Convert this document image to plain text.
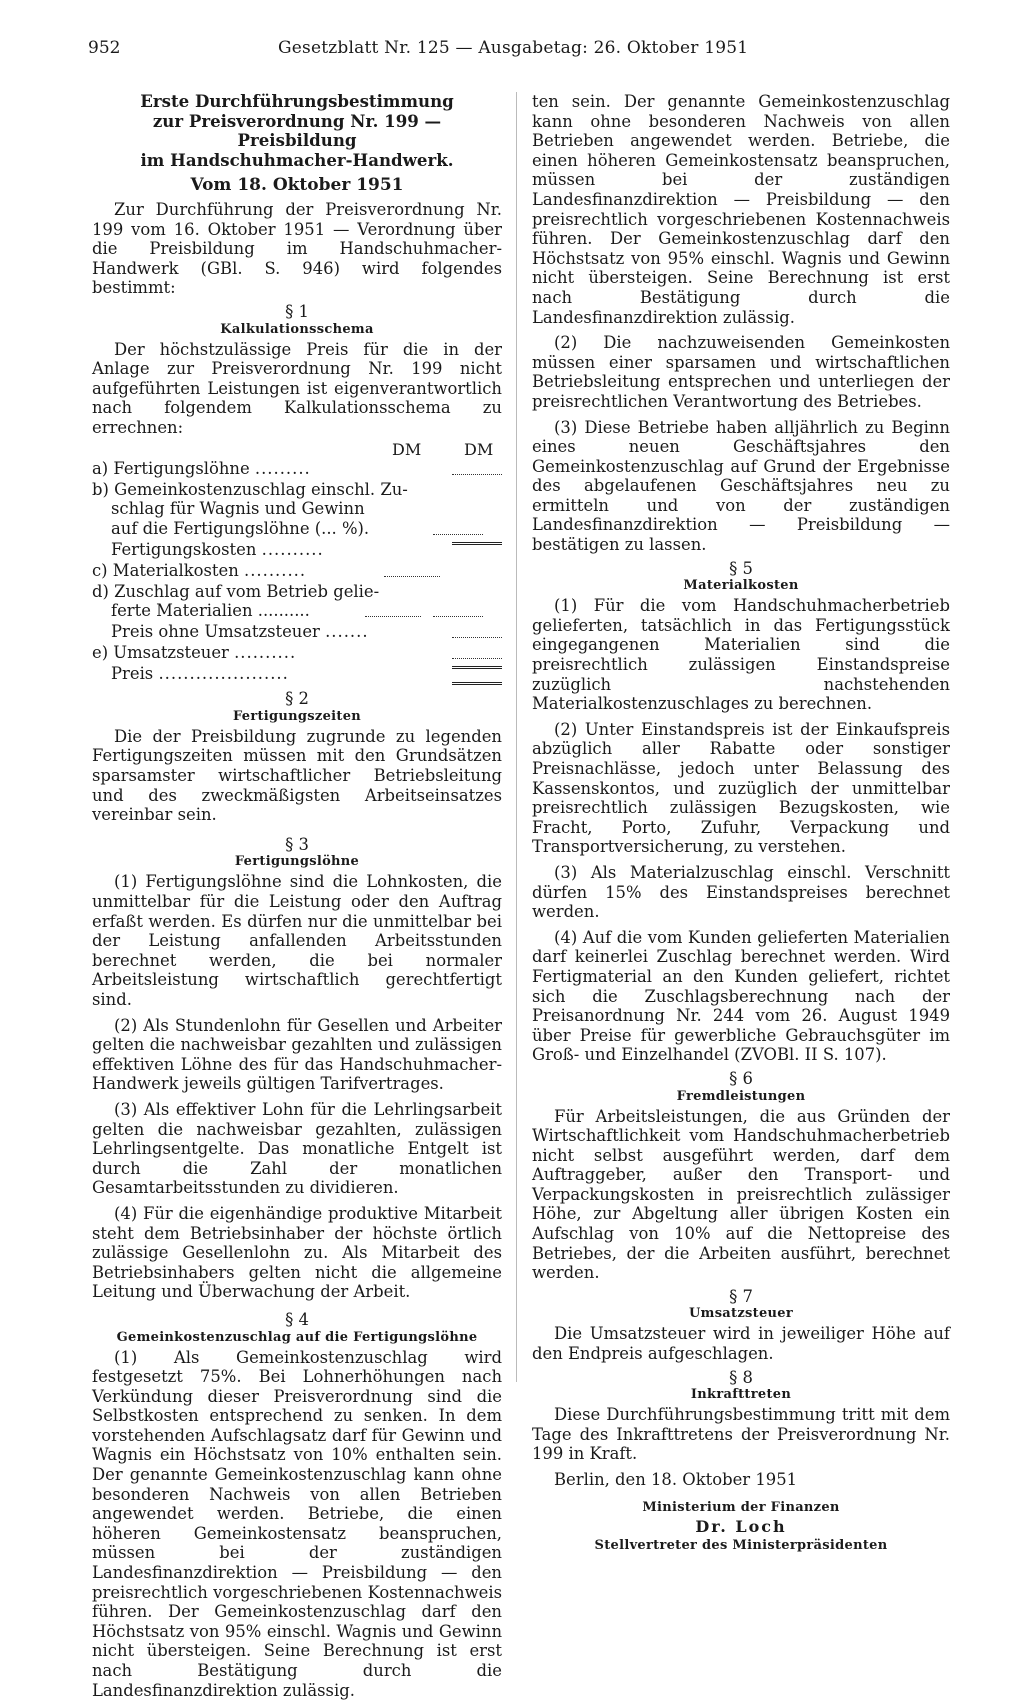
952	Gesetzblatt Nr. 125 — Ausgabetag: 26. Oktober 1951
Erste Durchführungsbestimmung
zur Preisverordnung Nr. 199 — Preisbildung
im Handschuhmacher-Handwerk.
Vom 18. Oktober 1951

Zur Durchführung der Preisverordnung Nr. 199 vom 16. Oktober 1951 — Verordnung über die Preisbildung im Handschuhmacher-Handwerk (GBl. S. 946) wird folgendes bestimmt:

§ 1
Kalkulationsschema

Der höchstzulässige Preis für die in der Anlage zur Preisverordnung Nr. 199 nicht aufgeführten Leistungen ist eigenverantwortlich nach folgendem Kalkulationsschema zu errechnen:

DM	DM
a) Fertigungslöhne .........
b) Gemeinkostenzuschlag einschl. Zu-
schlag für Wagnis und Gewinn
auf die Fertigungslöhne (... %).
Fertigungskosten ..........
c) Materialkosten ..........
d) Zuschlag auf vom Betrieb gelie-
ferte Materialien ..........
Preis ohne Umsatzsteuer .......
e) Umsatzsteuer ..........
Preis .....................
§ 2
Fertigungszeiten

Die der Preisbildung zugrunde zu legenden Fertigungszeiten müssen mit den Grundsätzen sparsamster wirtschaftlicher Betriebsleitung und des zweckmäßigsten Arbeitseinsatzes vereinbar sein.

§ 3
Fertigungslöhne

(1) Fertigungslöhne sind die Lohnkosten, die unmittelbar für die Leistung oder den Auftrag erfaßt werden. Es dürfen nur die unmittelbar bei der Leistung anfallenden Arbeitsstunden berechnet werden, die bei normaler Arbeitsleistung wirtschaftlich gerechtfertigt sind.

(2) Als Stundenlohn für Gesellen und Arbeiter gelten die nachweisbar gezahlten und zulässigen effektiven Löhne des für das Handschuhmacher-Handwerk jeweils gültigen Tarifvertrages.

(3) Als effektiver Lohn für die Lehrlingsarbeit gelten die nachweisbar gezahlten, zulässigen Lehrlingsentgelte. Das monatliche Entgelt ist durch die Zahl der monatlichen Gesamtarbeitsstunden zu dividieren.

(4) Für die eigenhändige produktive Mitarbeit steht dem Betriebsinhaber der höchste örtlich zulässige Gesellenlohn zu. Als Mitarbeit des Betriebsinhabers gelten nicht die allgemeine Leitung und Überwachung der Arbeit.

§ 4
Gemeinkostenzuschlag auf die Fertigungslöhne

(1) Als Gemeinkostenzuschlag wird festgesetzt 75%. Bei Lohnerhöhungen nach Verkündung dieser Preisverordnung sind die Selbstkosten entsprechend zu senken. In dem vorstehenden Aufschlagsatz darf für Gewinn und Wagnis ein Höchstsatz von 10% enthalten sein. Der genannte Gemeinkostenzuschlag kann ohne besonderen Nachweis von allen Betrieben angewendet werden. Betriebe, die einen höheren Gemeinkostensatz beanspruchen, müssen bei der zuständigen Landesfinanzdirektion — Preisbildung — den preisrechtlich vorgeschriebenen Kostennachweis führen. Der Gemeinkostenzuschlag darf den Höchstsatz von 95% einschl. Wagnis und Gewinn nicht übersteigen. Seine Berechnung ist erst nach Bestätigung durch die Landesfinanzdirektion zulässig.

ten sein. Der genannte Gemeinkostenzuschlag kann ohne besonderen Nachweis von allen Betrieben angewendet werden. Betriebe, die einen höheren Gemeinkostensatz beanspruchen, müssen bei der zuständigen Landesfinanzdirektion — Preisbildung — den preisrechtlich vorgeschriebenen Kostennachweis führen. Der Gemeinkostenzuschlag darf den Höchstsatz von 95% einschl. Wagnis und Gewinn nicht übersteigen. Seine Berechnung ist erst nach Bestätigung durch die Landesfinanzdirektion zulässig.

(2) Die nachzuweisenden Gemeinkosten müssen einer sparsamen und wirtschaftlichen Betriebsleitung entsprechen und unterliegen der preisrechtlichen Verantwortung des Betriebes.

(3) Diese Betriebe haben alljährlich zu Beginn eines neuen Geschäftsjahres den Gemeinkostenzuschlag auf Grund der Ergebnisse des abgelaufenen Geschäftsjahres neu zu ermitteln und von der zuständigen Landesfinanzdirektion — Preisbildung — bestätigen zu lassen.

§ 5
Materialkosten

(1) Für die vom Handschuhmacherbetrieb gelieferten, tatsächlich in das Fertigungsstück eingegangenen Materialien sind die preisrechtlich zulässigen Einstandspreise zuzüglich nachstehenden Materialkostenzuschlages zu berechnen.

(2) Unter Einstandspreis ist der Einkaufspreis abzüglich aller Rabatte oder sonstiger Preisnachlässe, jedoch unter Belassung des Kassenskontos, und zuzüglich der unmittelbar preisrechtlich zulässigen Bezugskosten, wie Fracht, Porto, Zufuhr, Verpackung und Transportversicherung, zu verstehen.

(3) Als Materialzuschlag einschl. Verschnitt dürfen 15% des Einstandspreises berechnet werden.

(4) Auf die vom Kunden gelieferten Materialien darf keinerlei Zuschlag berechnet werden. Wird Fertigmaterial an den Kunden geliefert, richtet sich die Zuschlagsberechnung nach der Preisanordnung Nr. 244 vom 26. August 1949 über Preise für gewerbliche Gebrauchsgüter im Groß- und Einzelhandel (ZVOBl. II S. 107).

§ 6
Fremdleistungen

Für Arbeitsleistungen, die aus Gründen der Wirtschaftlichkeit vom Handschuhmacherbetrieb nicht selbst ausgeführt werden, darf dem Auftraggeber, außer den Transport- und Verpackungskosten in preisrechtlich zulässiger Höhe, zur Abgeltung aller übrigen Kosten ein Aufschlag von 10% auf die Nettopreise des Betriebes, der die Arbeiten ausführt, berechnet werden.

§ 7
Umsatzsteuer

Die Umsatzsteuer wird in jeweiliger Höhe auf den Endpreis aufgeschlagen.

§ 8
Inkrafttreten

Diese Durchführungsbestimmung tritt mit dem Tage des Inkrafttretens der Preisverordnung Nr. 199 in Kraft.

Berlin, den 18. Oktober 1951

Ministerium der Finanzen
Dr. Loch
Stellvertreter des Ministerpräsidenten
